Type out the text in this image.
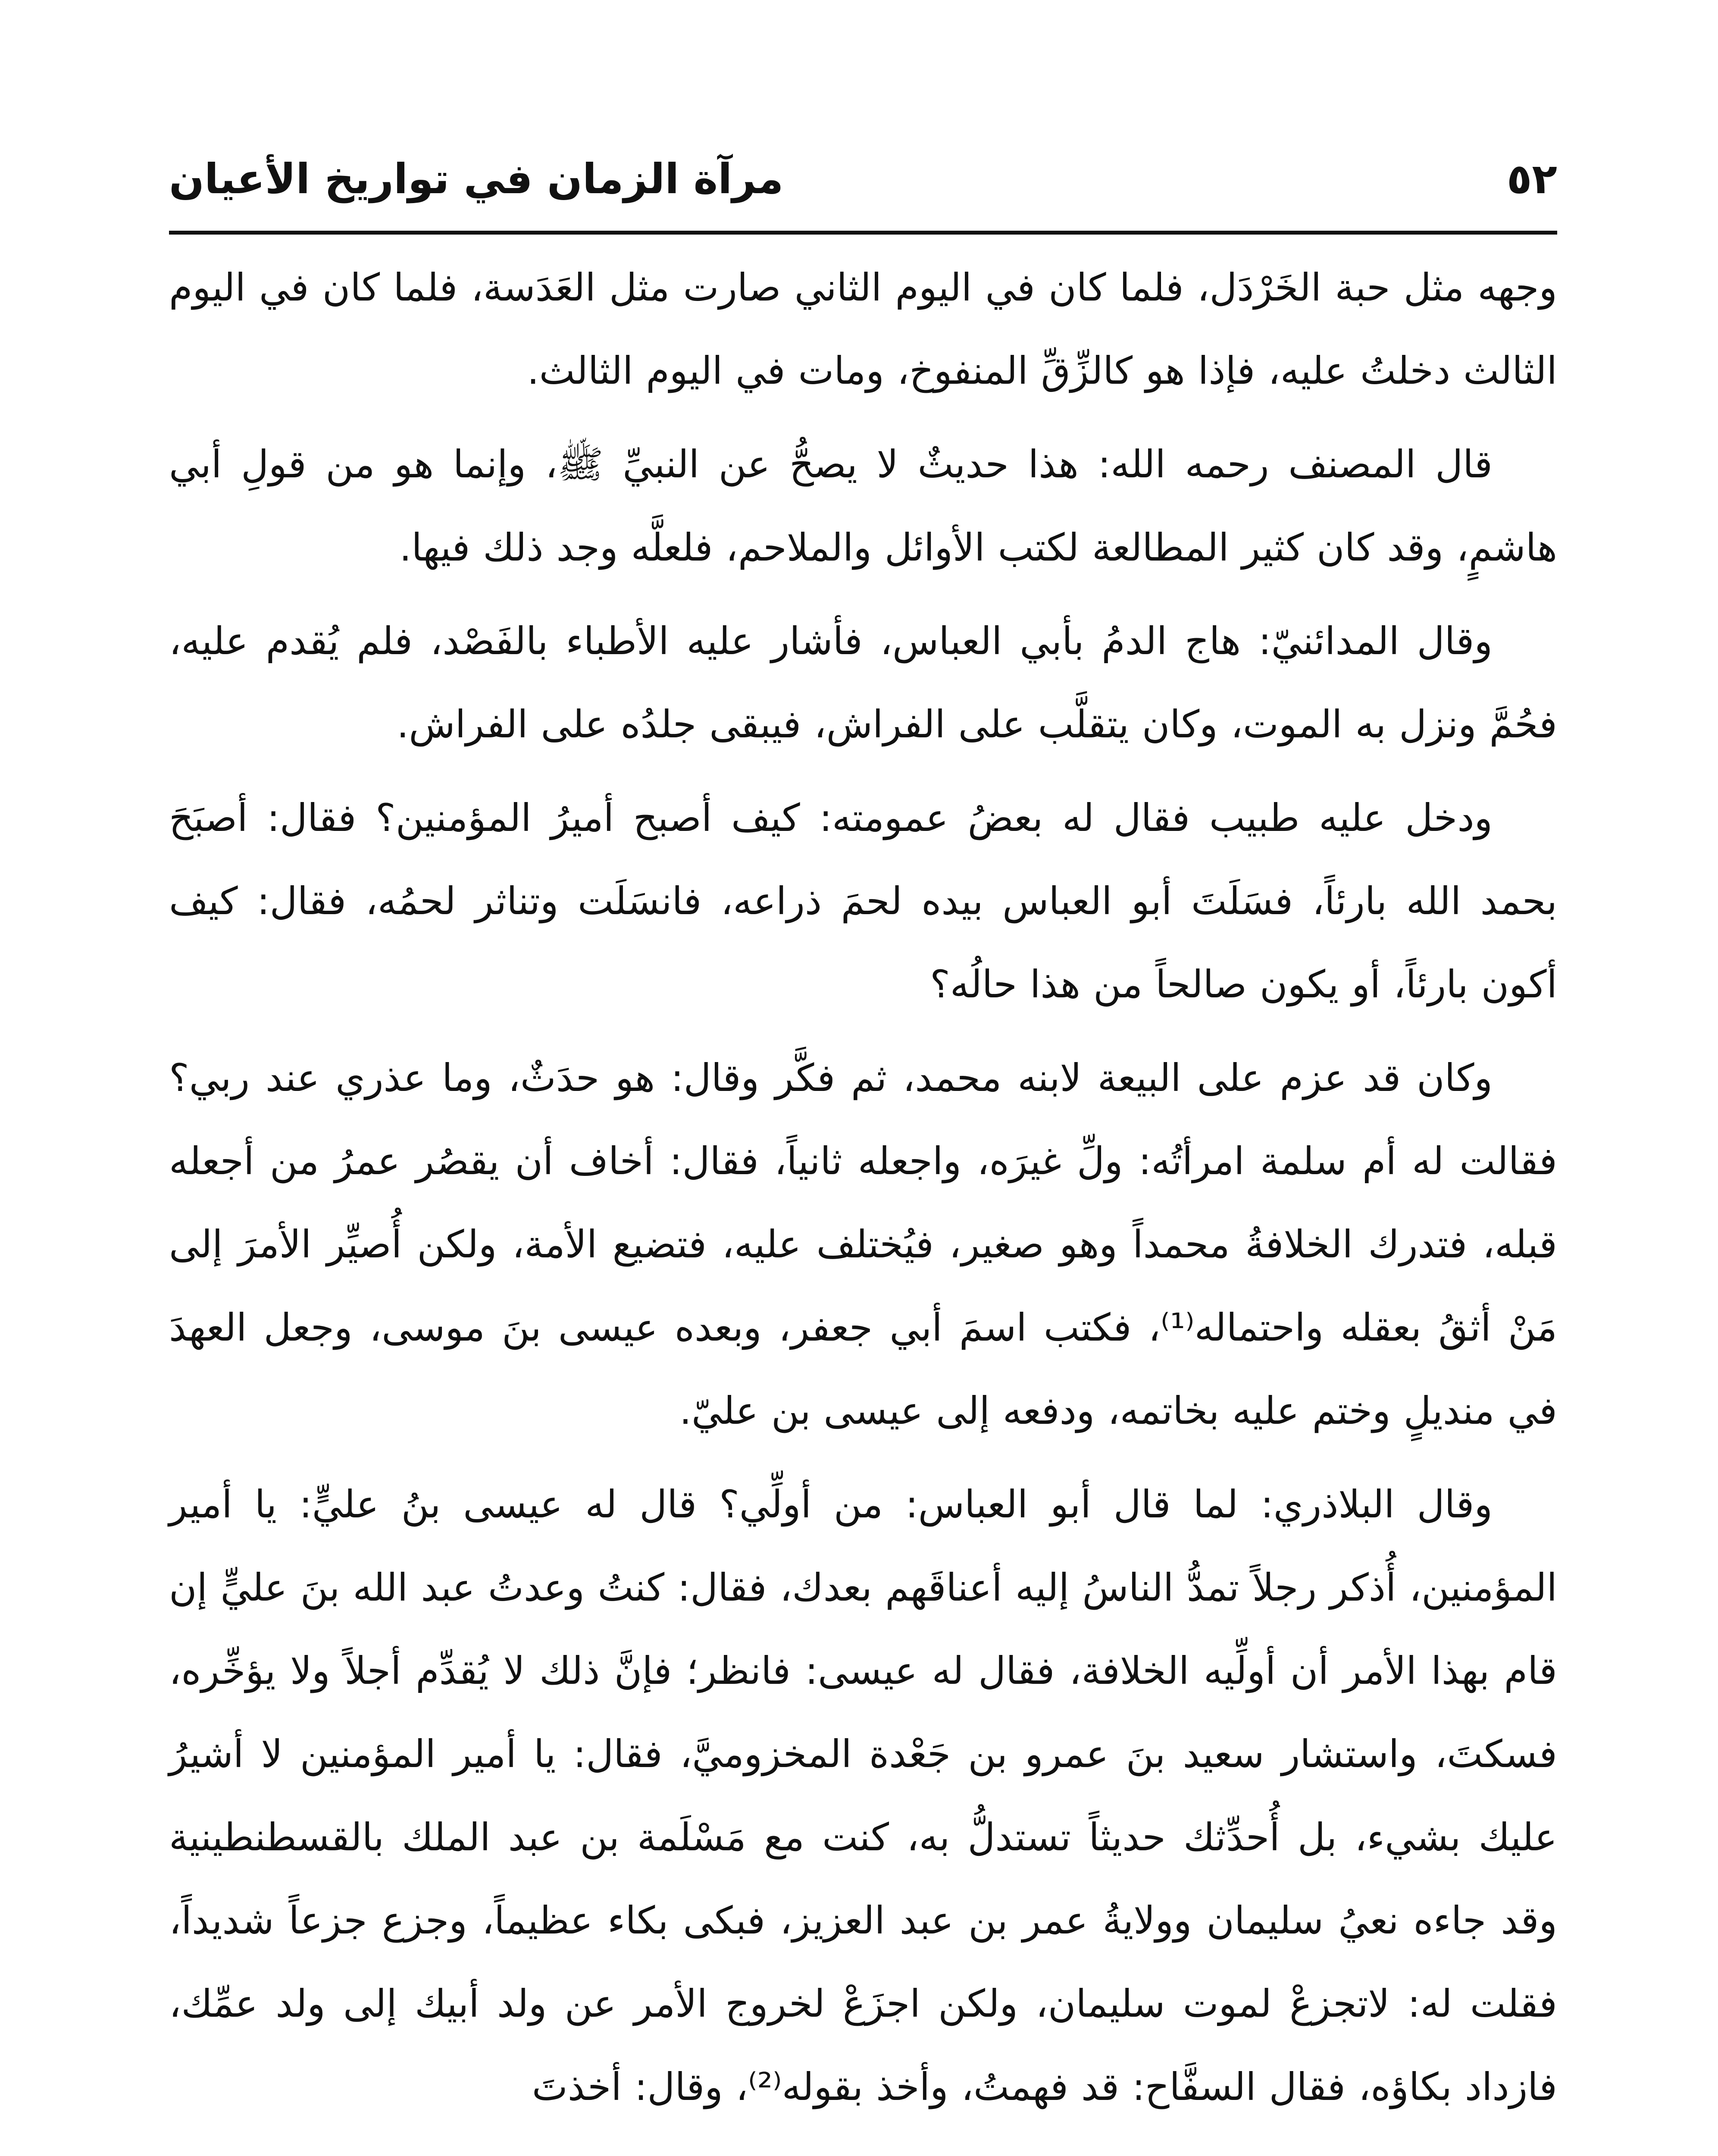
٥٢
مرآة الزمان في تواريخ الأعيان

وجهه مثل حبة الخَرْدَل، فلما كان في اليوم الثاني صارت مثل العَدَسة، فلما كان في اليوم الثالث دخلتُ عليه، فإذا هو كالزِّقِّ المنفوخ، ومات في اليوم الثالث.

قال المصنف رحمه الله: هذا حديثٌ لا يصحُّ عن النبيِّ ﷺ، وإنما هو من قولِ أبي هاشمٍ، وقد كان كثير المطالعة لكتب الأوائل والملاحم، فلعلَّه وجد ذلك فيها.

وقال المدائنيّ: هاج الدمُ بأبي العباس، فأشار عليه الأطباء بالفَصْد، فلم يُقدم عليه، فحُمَّ ونزل به الموت، وكان يتقلَّب على الفراش، فيبقى جلدُه على الفراش.

ودخل عليه طبيب فقال له بعضُ عمومته: كيف أصبح أميرُ المؤمنين؟ فقال: أصبَحَ بحمد الله بارئاً، فسَلَتَ أبو العباس بيده لحمَ ذراعه، فانسَلَت وتناثر لحمُه، فقال: كيف أكون بارئاً، أو يكون صالحاً من هذا حالُه؟

وكان قد عزم على البيعة لابنه محمد، ثم فكَّر وقال: هو حدَثٌ، وما عذري عند ربي؟ فقالت له أم سلمة امرأتُه: ولِّ غيرَه، واجعله ثانياً، فقال: أخاف أن يقصُر عمرُ من أجعله قبله، فتدرك الخلافةُ محمداً وهو صغير، فيُختلف عليه، فتضيع الأمة، ولكن أُصيِّر الأمرَ إلى مَنْ أثقُ بعقله واحتماله⁽¹⁾، فكتب اسمَ أبي جعفر، وبعده عيسى بنَ موسى، وجعل العهدَ في منديلٍ وختم عليه بخاتمه، ودفعه إلى عيسى بن عليّ.

وقال البلاذري: لما قال أبو العباس: من أولِّي؟ قال له عيسى بنُ عليٍّ: يا أمير المؤمنين، أُذكر رجلاً تمدُّ الناسُ إليه أعناقَهم بعدك، فقال: كنتُ وعدتُ عبد الله بنَ عليٍّ إن قام بهذا الأمر أن أولِّيه الخلافة، فقال له عيسى: فانظر؛ فإنَّ ذلك لا يُقدِّم أجلاً ولا يؤخِّره، فسكتَ، واستشار سعيد بنَ عمرو بن جَعْدة المخزوميَّ، فقال: يا أمير المؤمنين لا أشيرُ عليك بشيء، بل أُحدِّثك حديثاً تستدلُّ به، كنت مع مَسْلَمة بن عبد الملك بالقسطنطينية وقد جاءه نعيُ سليمان وولايةُ عمر بن عبد العزيز، فبكى بكاء عظيماً، وجزع جزعاً شديداً، فقلت له: لاتجزعْ لموت سليمان، ولكن اجزَعْ لخروج الأمر عن ولد أبيك إلى ولد عمِّك، فازداد بكاؤه، فقال السفَّاح: قد فهمتُ، وأخذ بقوله⁽²⁾، وقال: أخذتَ
